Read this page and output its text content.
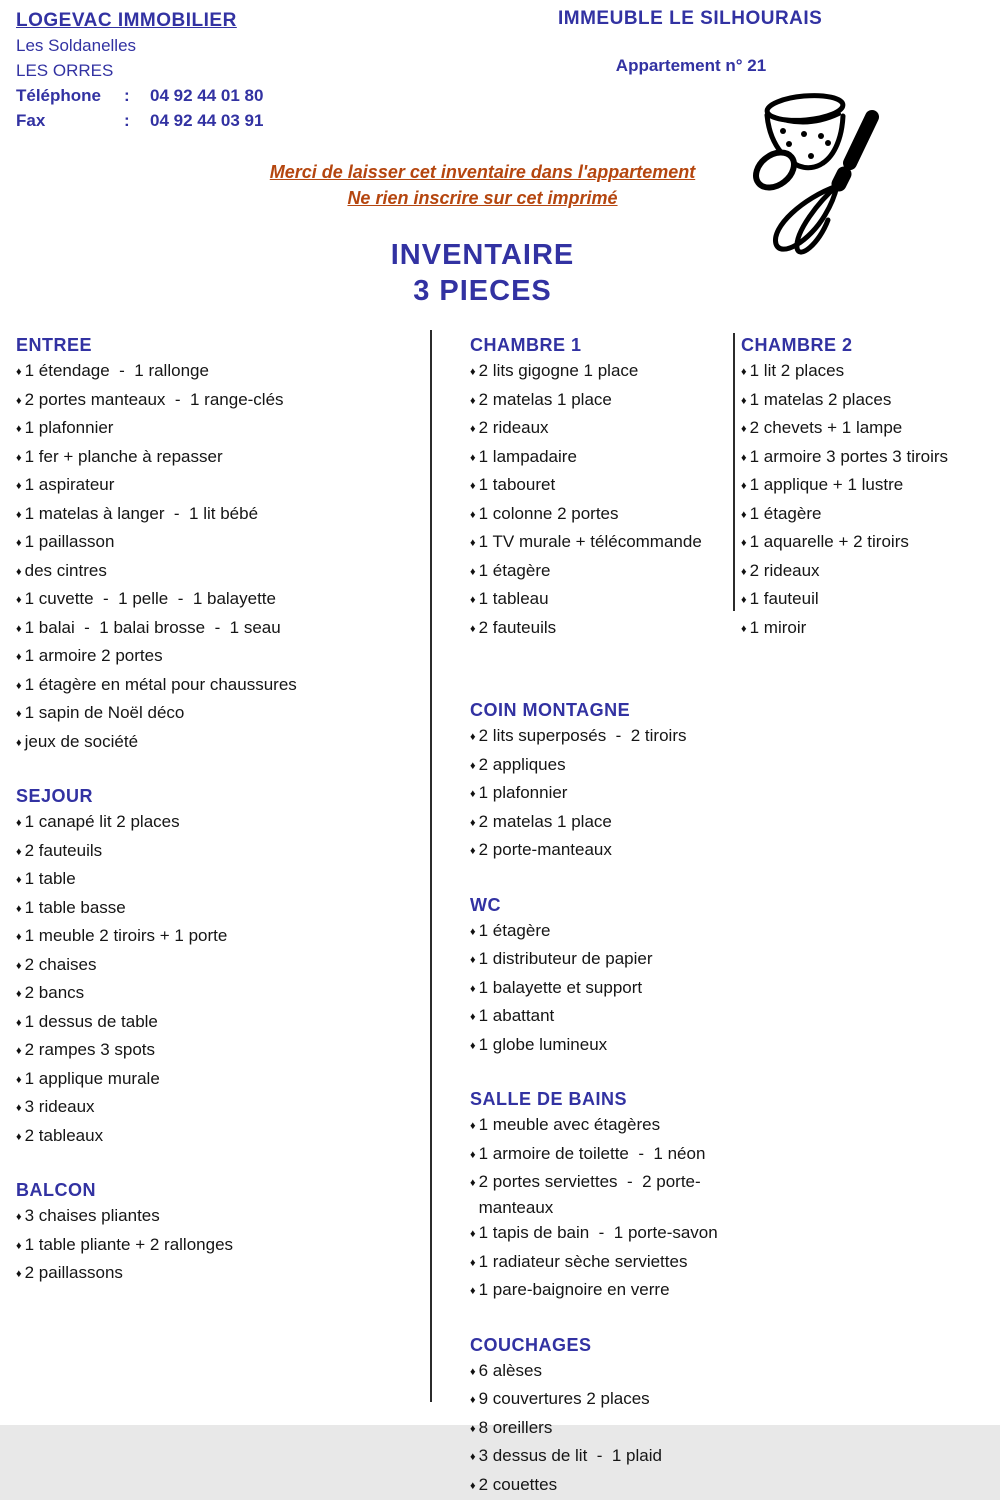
LOGEVAC IMMOBILIER
Les Soldanelles
LES ORRES
Téléphone	:	04 92 44 01 80
Fax	:	04 92 44 03 91
IMMEUBLE LE SILHOURAIS
Appartement n° 21
Merci de laisser cet inventaire dans l'appartement
Ne rien inscrire sur cet imprimé
INVENTAIRE
3 PIECES
ENTREE
♦ 1 étendage  -  1 rallonge
♦ 2 portes manteaux  -  1 range-clés
♦ 1 plafonnier
♦ 1 fer + planche à repasser
♦ 1 aspirateur
♦ 1 matelas à langer  -  1 lit bébé
♦ 1 paillasson
♦ des cintres
♦ 1 cuvette  -  1 pelle  -  1 balayette
♦ 1 balai  -  1 balai brosse  -  1 seau
♦ 1 armoire 2 portes
♦ 1 étagère en métal pour chaussures
♦ 1 sapin de Noël déco
♦ jeux de société
SEJOUR
♦ 1 canapé lit 2 places
♦ 2 fauteuils
♦ 1 table
♦ 1 table basse
♦ 1 meuble 2 tiroirs + 1 porte
♦ 2 chaises
♦ 2 bancs
♦ 1 dessus de table
♦ 2 rampes 3 spots
♦ 1 applique murale
♦ 3 rideaux
♦ 2 tableaux
BALCON
♦ 3 chaises pliantes
♦ 1 table pliante + 2 rallonges
♦ 2 paillassons
CHAMBRE 1
♦ 2 lits gigogne 1 place
♦ 2 matelas 1 place
♦ 2 rideaux
♦ 1 lampadaire
♦ 1 tabouret
♦ 1 colonne 2 portes
♦ 1 TV murale + télécommande
♦ 1 étagère
♦ 1 tableau
♦ 2 fauteuils
COIN MONTAGNE
♦ 2 lits superposés  -  2 tiroirs
♦ 2 appliques
♦ 1 plafonnier
♦ 2 matelas 1 place
♦ 2 porte-manteaux
WC
♦ 1 étagère
♦ 1 distributeur de papier
♦ 1 balayette et support
♦ 1 abattant
♦ 1 globe lumineux
SALLE DE BAINS
♦ 1 meuble avec étagères
♦ 1 armoire de toilette  -  1 néon
♦ 2 portes serviettes  -  2 porte-manteaux
♦ 1 tapis de bain  -  1 porte-savon
♦ 1 radiateur sèche serviettes
♦ 1 pare-baignoire en verre
COUCHAGES
♦ 6 alèses
♦ 9 couvertures 2 places
♦ 8 oreillers
♦ 3 dessus de lit  -  1 plaid
♦ 2 couettes
CHAMBRE 2
♦ 1 lit 2 places
♦ 1 matelas 2 places
♦ 2 chevets + 1 lampe
♦ 1 armoire 3 portes 3 tiroirs
♦ 1 applique + 1 lustre
♦ 1 étagère
♦ 1 aquarelle + 2 tiroirs
♦ 2 rideaux
♦ 1 fauteuil
♦ 1 miroir
